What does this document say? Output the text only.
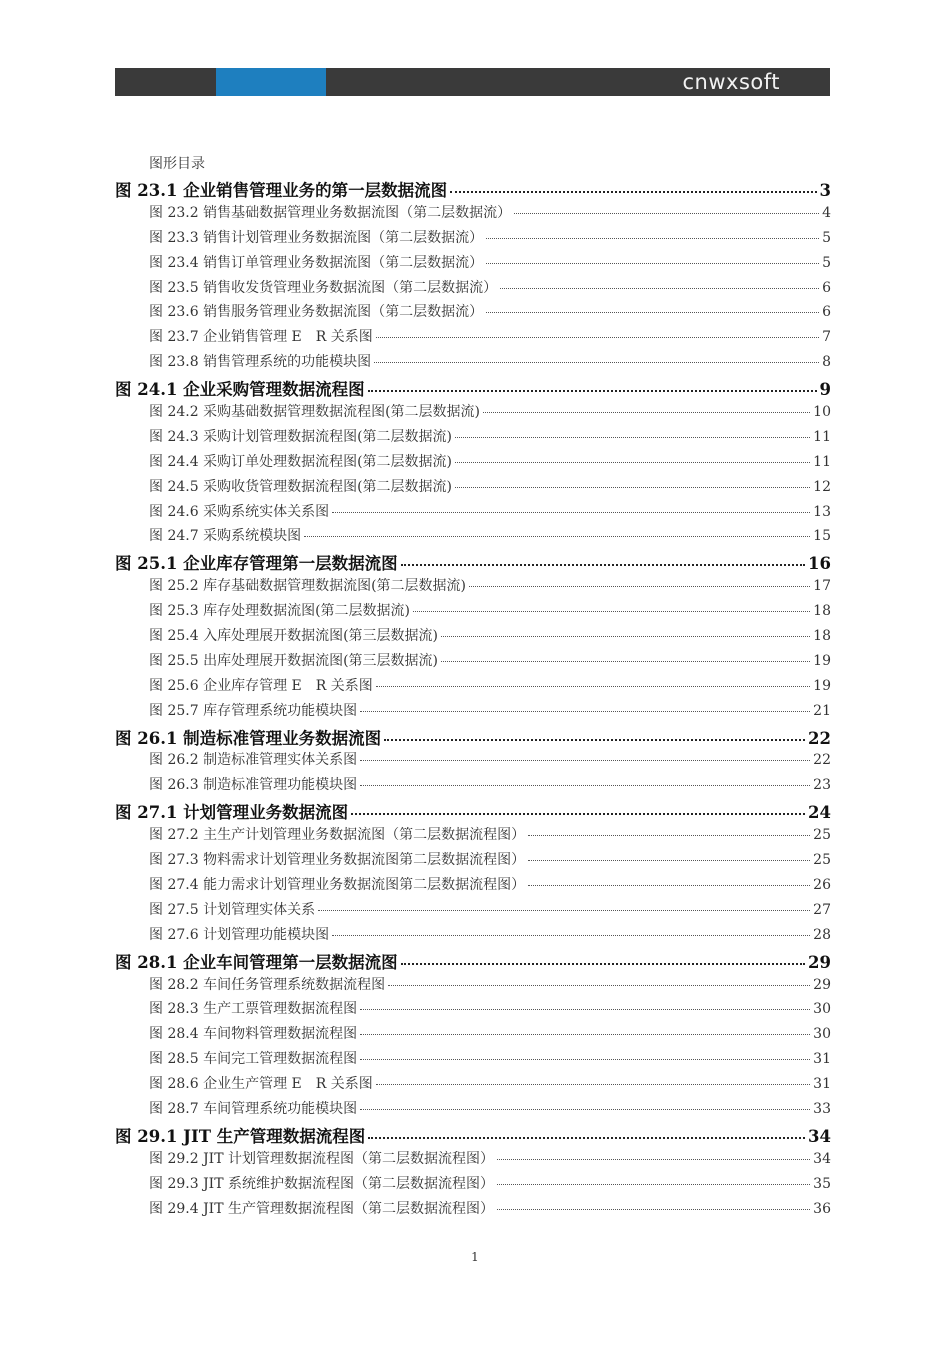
cnwxsoft
图形目录
图 23.1 企业销售管理业务的第一层数据流图	3
图 23.2 销售基础数据管理业务数据流图（第二层数据流）	4
图 23.3 销售计划管理业务数据流图（第二层数据流）	5
图 23.4 销售订单管理业务数据流图（第二层数据流）	5
图 23.5 销售收发货管理业务数据流图（第二层数据流）	6
图 23.6 销售服务管理业务数据流图（第二层数据流）	6
图 23.7 企业销售管理 E　R 关系图	7
图 23.8 销售管理系统的功能模块图	8
图 24.1 企业采购管理数据流程图	9
图 24.2 采购基础数据管理数据流程图(第二层数据流)	10
图 24.3 采购计划管理数据流程图(第二层数据流)	11
图 24.4 采购订单处理数据流程图(第二层数据流)	11
图 24.5 采购收货管理数据流程图(第二层数据流)	12
图 24.6 采购系统实体关系图	13
图 24.7 采购系统模块图	15
图 25.1 企业库存管理第一层数据流图	16
图 25.2 库存基础数据管理数据流图(第二层数据流)	17
图 25.3 库存处理数据流图(第二层数据流)	18
图 25.4 入库处理展开数据流图(第三层数据流)	18
图 25.5 出库处理展开数据流图(第三层数据流)	19
图 25.6 企业库存管理 E　R 关系图	19
图 25.7 库存管理系统功能模块图	21
图 26.1 制造标准管理业务数据流图	22
图 26.2 制造标准管理实体关系图	22
图 26.3 制造标准管理功能模块图	23
图 27.1 计划管理业务数据流图	24
图 27.2 主生产计划管理业务数据流图（第二层数据流程图）	25
图 27.3 物料需求计划管理业务数据流图第二层数据流程图）	25
图 27.4 能力需求计划管理业务数据流图第二层数据流程图）	26
图 27.5 计划管理实体关系	27
图 27.6 计划管理功能模块图	28
图 28.1 企业车间管理第一层数据流图	29
图 28.2 车间任务管理系统数据流程图	29
图 28.3 生产工票管理数据流程图	30
图 28.4 车间物料管理数据流程图	30
图 28.5 车间完工管理数据流程图	31
图 28.6 企业生产管理 E　R 关系图	31
图 28.7 车间管理系统功能模块图	33
图 29.1 JIT 生产管理数据流程图	34
图 29.2 JIT 计划管理数据流程图（第二层数据流程图）	34
图 29.3 JIT 系统维护数据流程图（第二层数据流程图）	35
图 29.4 JIT 生产管理数据流程图（第二层数据流程图）	36
1
